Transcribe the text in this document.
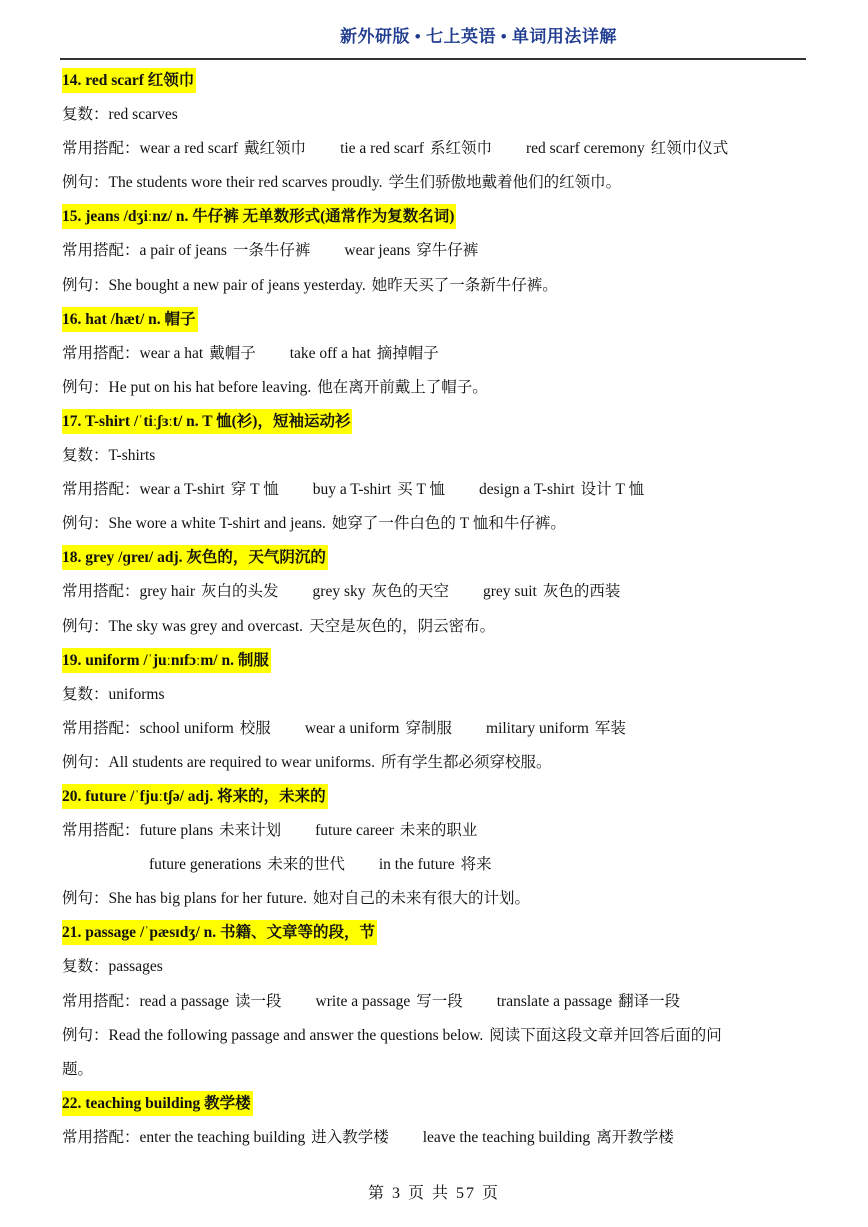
新外研版 • 七上英语 • 单词用法详解
14. red scarf 红领巾
复数：red scarves
常用搭配：wear a red scarf 戴红领巾 tie a red scarf 系红领巾 red scarf ceremony 红领巾仪式
例句：The students wore their red scarves proudly. 学生们骄傲地戴着他们的红领巾。
15. jeans /dʒiːnz/ n. 牛仔裤 无单数形式(通常作为复数名词)
常用搭配：a pair of jeans 一条牛仔裤 wear jeans 穿牛仔裤
例句：She bought a new pair of jeans yesterday. 她昨天买了一条新牛仔裤。
16. hat /hæt/ n. 帽子
常用搭配：wear a hat 戴帽子 take off a hat 摘掉帽子
例句：He put on his hat before leaving. 他在离开前戴上了帽子。
17. T-shirt /ˈtiːʃɜːt/ n. T 恤(衫)，短袖运动衫
复数：T-shirts
常用搭配：wear a T-shirt 穿 T 恤 buy a T-shirt 买 T 恤 design a T-shirt 设计 T 恤
例句：She wore a white T-shirt and jeans. 她穿了一件白色的 T 恤和牛仔裤。
18. grey /ɡreɪ/ adj. 灰色的，天气阴沉的
常用搭配：grey hair 灰白的头发 grey sky 灰色的天空 grey suit 灰色的西装
例句：The sky was grey and overcast. 天空是灰色的，阴云密布。
19. uniform /ˈjuːnɪfɔːm/ n. 制服
复数：uniforms
常用搭配：school uniform 校服 wear a uniform 穿制服 military uniform 军装
例句：All students are required to wear uniforms. 所有学生都必须穿校服。
20. future /ˈfjuːtʃə/ adj. 将来的，未来的
常用搭配：future plans 未来计划 future career 未来的职业
future generations 未来的世代 in the future 将来
例句：She has big plans for her future. 她对自己的未来有很大的计划。
21. passage /ˈpæsɪdʒ/ n. 书籍、文章等的段，节
复数：passages
常用搭配：read a passage 读一段 write a passage 写一段 translate a passage 翻译一段
例句：Read the following passage and answer the questions below. 阅读下面这段文章并回答后面的问
题。
22. teaching building 教学楼
常用搭配：enter the teaching building 进入教学楼 leave the teaching building 离开教学楼
第 3 页 共 57 页
